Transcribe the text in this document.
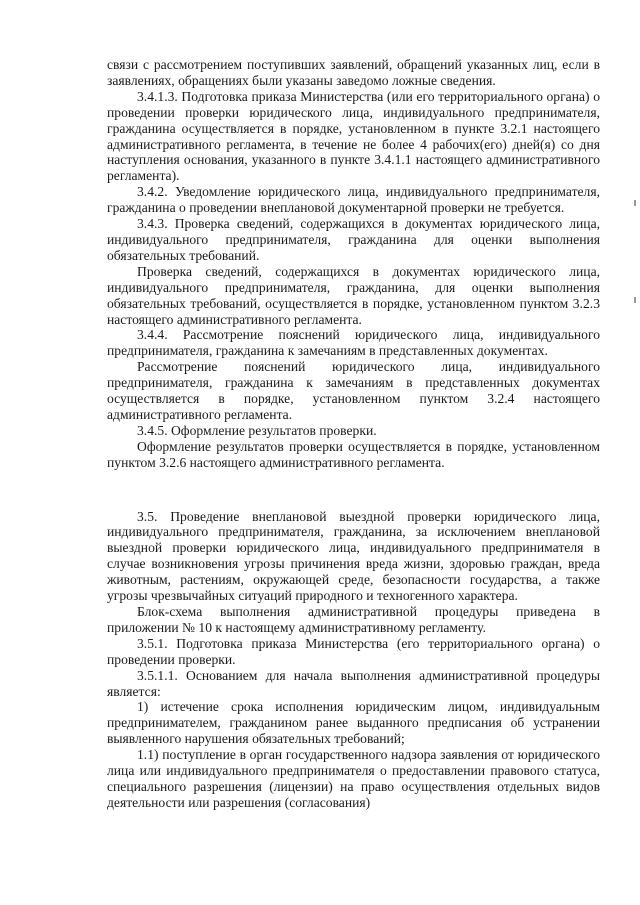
связи с рассмотрением поступивших заявлений, обращений указанных лиц, если в заявлениях, обращениях были указаны заведомо ложные сведения.

3.4.1.3. Подготовка приказа Министерства (или его территориального органа) о проведении проверки юридического лица, индивидуального предпринимателя, гражданина осуществляется в порядке, установленном в пункте 3.2.1 настоящего административного регламента, в течение не более 4 рабочих(его) дней(я) со дня наступления основания, указанного в пункте 3.4.1.1 настоящего административного регламента).

3.4.2. Уведомление юридического лица, индивидуального предпринимателя, гражданина о проведении внеплановой документарной проверки не требуется.

3.4.3. Проверка сведений, содержащихся в документах юридического лица, индивидуального предпринимателя, гражданина для оценки выполнения обязательных требований.

Проверка сведений, содержащихся в документах юридического лица, индивидуального предпринимателя, гражданина, для оценки выполнения обязательных требований, осуществляется в порядке, установленном пунктом 3.2.3 настоящего административного регламента.

3.4.4. Рассмотрение пояснений юридического лица, индивидуального предпринимателя, гражданина к замечаниям в представленных документах.

Рассмотрение пояснений юридического лица, индивидуального предпринимателя, гражданина к замечаниям в представленных документах осуществляется в порядке, установленном пунктом 3.2.4 настоящего административного регламента.

3.4.5. Оформление результатов проверки.

Оформление результатов проверки осуществляется в порядке, установленном пунктом 3.2.6 настоящего административного регламента.

3.5. Проведение внеплановой выездной проверки юридического лица, индивидуального предпринимателя, гражданина, за исключением внеплановой выездной проверки юридического лица, индивидуального предпринимателя в случае возникновения угрозы причинения вреда жизни, здоровью граждан, вреда животным, растениям, окружающей среде, безопасности государства, а также угрозы чрезвычайных ситуаций природного и техногенного характера.

Блок-схема выполнения административной процедуры приведена в приложении № 10 к настоящему административному регламенту.

3.5.1. Подготовка приказа Министерства (его территориального органа) о проведении проверки.

3.5.1.1. Основанием для начала выполнения административной процедуры является:

1) истечение срока исполнения юридическим лицом, индивидуальным предпринимателем, гражданином ранее выданного предписания об устранении выявленного нарушения обязательных требований;

1.1) поступление в орган государственного надзора заявления от юридического лица или индивидуального предпринимателя о предоставлении правового статуса, специального разрешения (лицензии) на право осуществления отдельных видов деятельности или разрешения (согласования)
